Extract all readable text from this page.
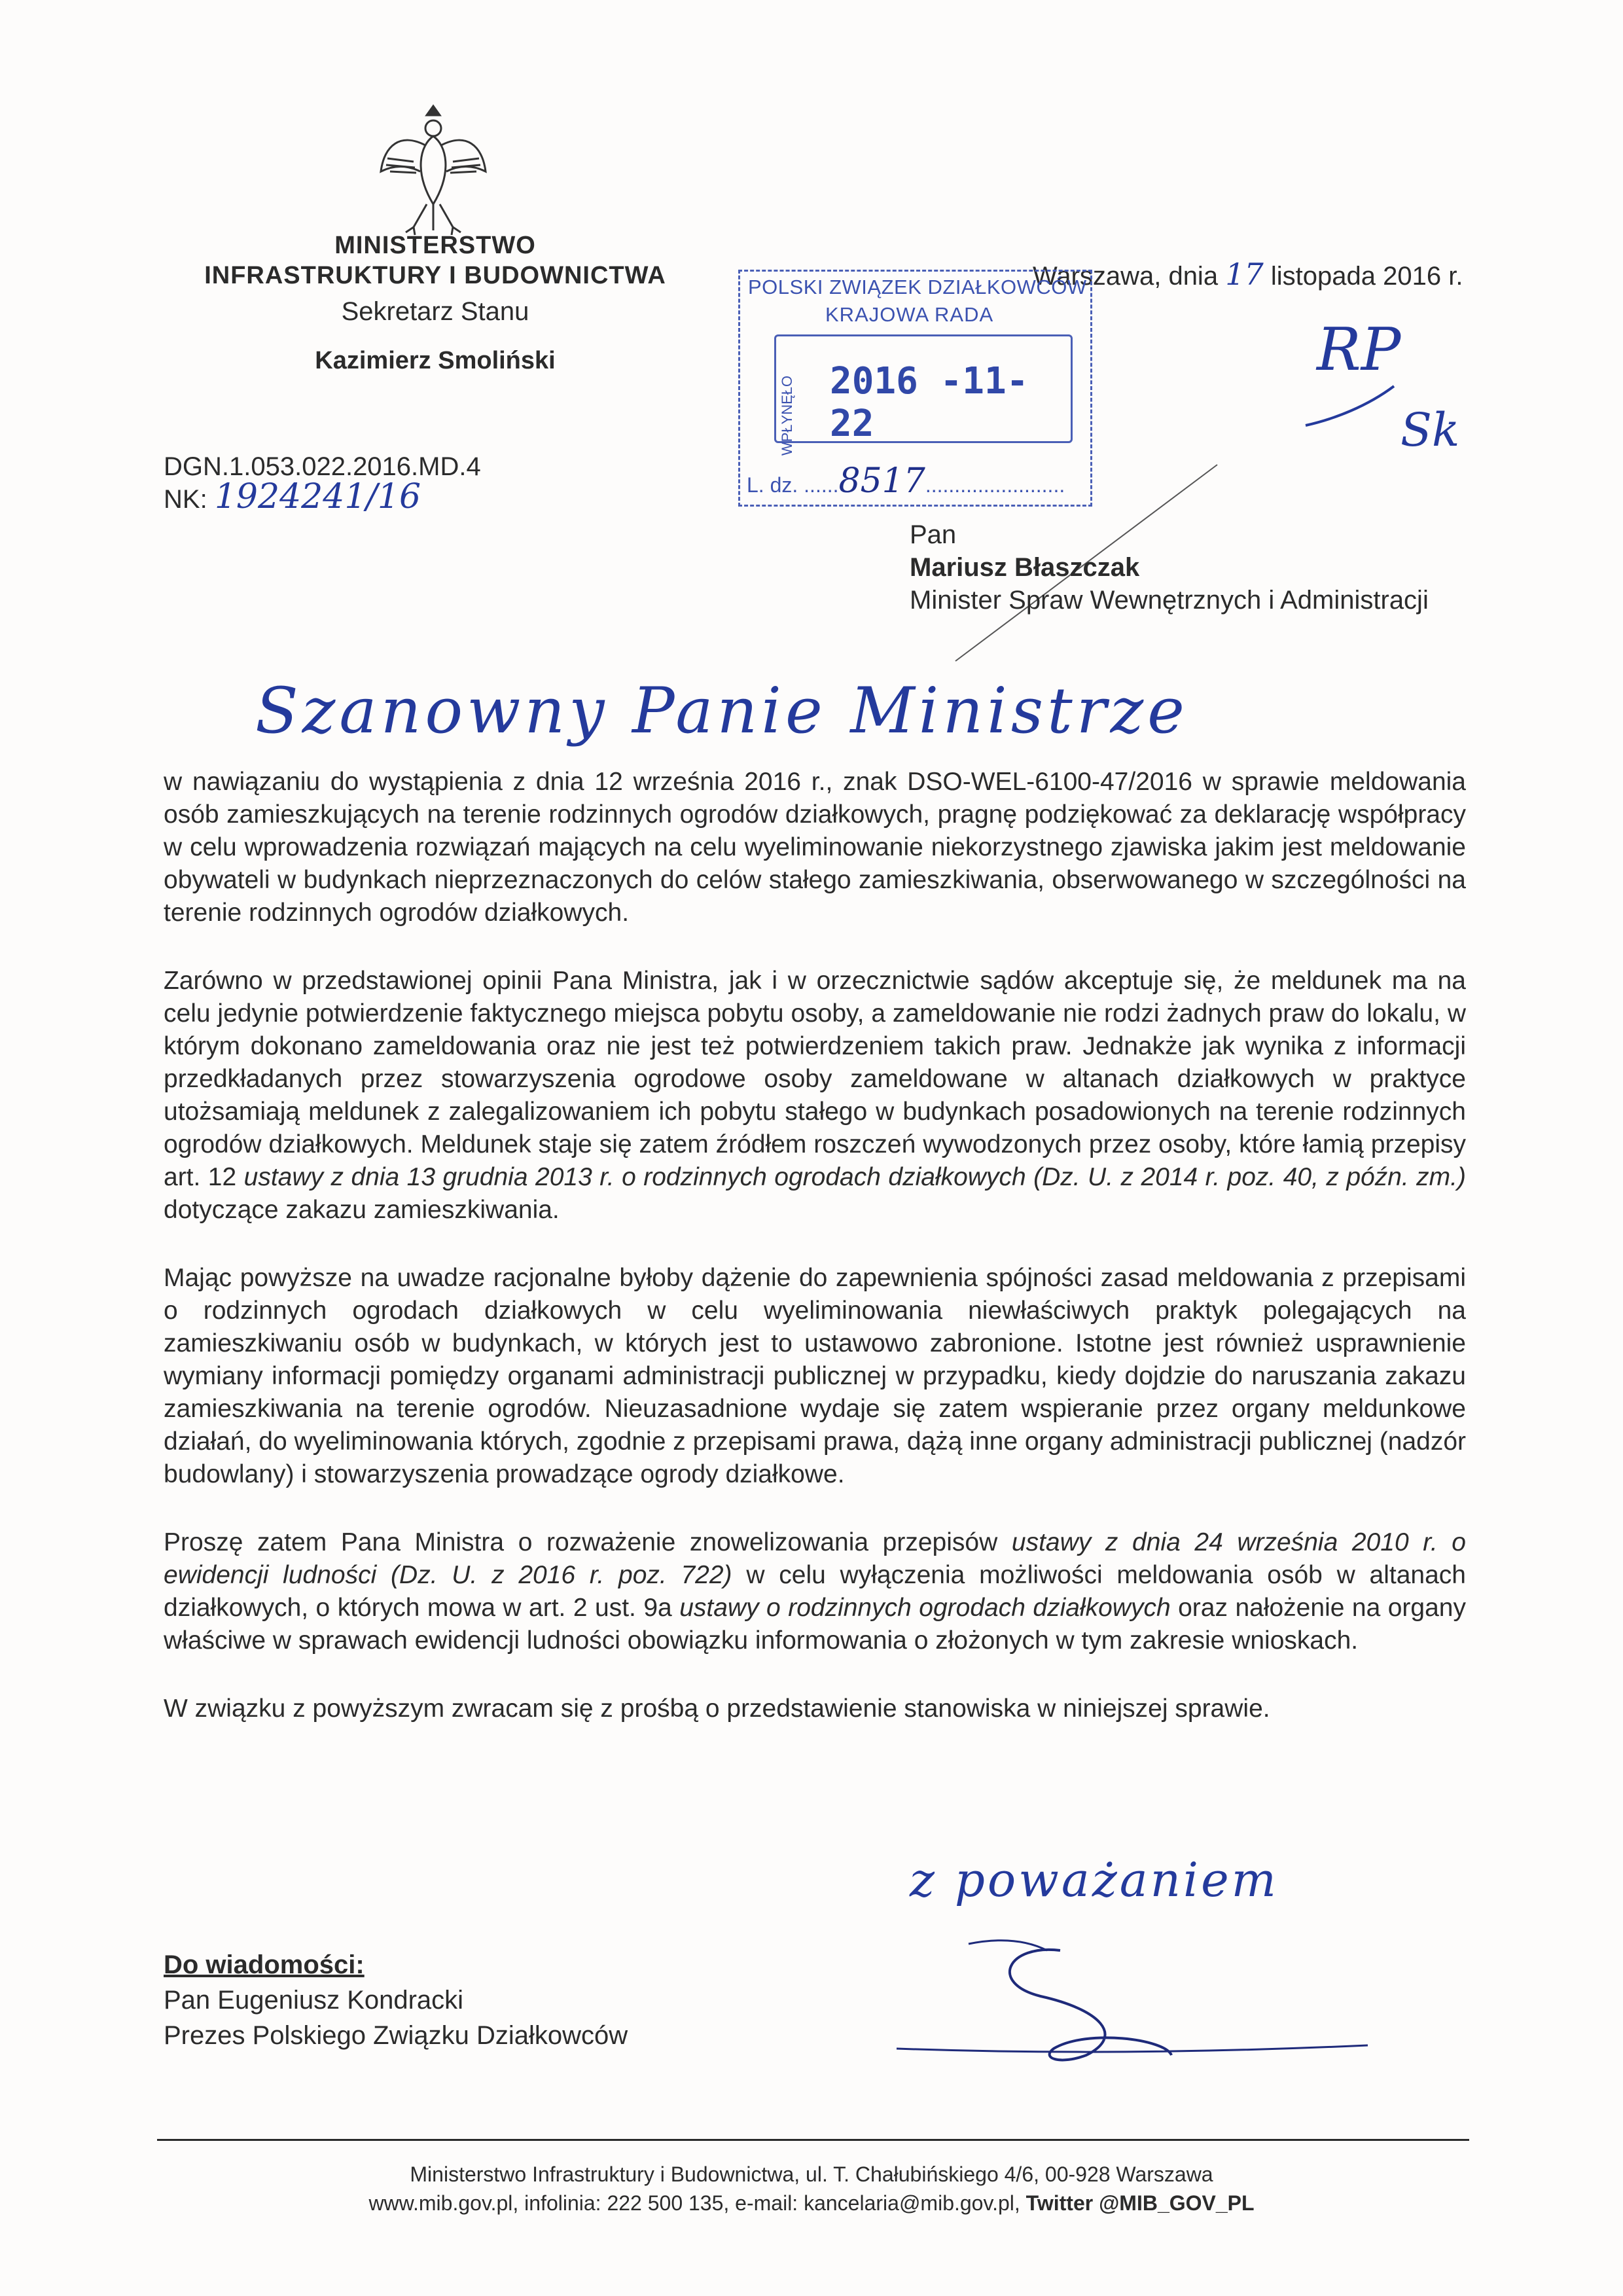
MINISTERSTWO
INFRASTRUKTURY I BUDOWNICTWA
Sekretarz Stanu
Kazimierz Smoliński
Warszawa, dnia 17 listopada 2016 r.
POLSKI ZWIĄZEK DZIAŁKOWCÓW
KRAJOWA RADA
WPŁYNĘŁO 2016 -11- 22
L. dz. ......8517........................
RP
Sk
DGN.1.053.022.2016.MD.4
NK: 1924241/16
Pan
Mariusz Błaszczak
Minister Spraw Wewnętrznych i Administracji
Szanowny Panie Ministrze

w nawiązaniu do wystąpienia z dnia 12 września 2016 r., znak DSO-WEL-6100-47/2016 w sprawie meldowania osób zamieszkujących na terenie rodzinnych ogrodów działkowych, pragnę podziękować za deklarację współpracy w celu wprowadzenia rozwiązań mających na celu wyeliminowanie niekorzystnego zjawiska jakim jest meldowanie obywateli w budynkach nieprzeznaczonych do celów stałego zamieszkiwania, obserwowanego w szczególności na terenie rodzinnych ogrodów działkowych.

Zarówno w przedstawionej opinii Pana Ministra, jak i w orzecznictwie sądów akceptuje się, że meldunek ma na celu jedynie potwierdzenie faktycznego miejsca pobytu osoby, a zameldowanie nie rodzi żadnych praw do lokalu, w którym dokonano zameldowania oraz nie jest też potwierdzeniem takich praw. Jednakże jak wynika z informacji przedkładanych przez stowarzyszenia ogrodowe osoby zameldowane w altanach działkowych w praktyce utożsamiają meldunek z zalegalizowaniem ich pobytu stałego w budynkach posadowionych na terenie rodzinnych ogrodów działkowych. Meldunek staje się zatem źródłem roszczeń wywodzonych przez osoby, które łamią przepisy art. 12 ustawy z dnia 13 grudnia 2013 r. o rodzinnych ogrodach działkowych (Dz. U. z 2014 r. poz. 40, z późn. zm.) dotyczące zakazu zamieszkiwania.

Mając powyższe na uwadze racjonalne byłoby dążenie do zapewnienia spójności zasad meldowania z przepisami o rodzinnych ogrodach działkowych w celu wyeliminowania niewłaściwych praktyk polegających na zamieszkiwaniu osób w budynkach, w których jest to ustawowo zabronione. Istotne jest również usprawnienie wymiany informacji pomiędzy organami administracji publicznej w przypadku, kiedy dojdzie do naruszania zakazu zamieszkiwania na terenie ogrodów. Nieuzasadnione wydaje się zatem wspieranie przez organy meldunkowe działań, do wyeliminowania których, zgodnie z przepisami prawa, dążą inne organy administracji publicznej (nadzór budowlany) i stowarzyszenia prowadzące ogrody działkowe.

Proszę zatem Pana Ministra o rozważenie znowelizowania przepisów ustawy z dnia 24 września 2010 r. o ewidencji ludności (Dz. U. z 2016 r. poz. 722) w celu wyłączenia możliwości meldowania osób w altanach działkowych, o których mowa w art. 2 ust. 9a ustawy o rodzinnych ogrodach działkowych oraz nałożenie na organy właściwe w sprawach ewidencji ludności obowiązku informowania o złożonych w tym zakresie wnioskach.

W związku z powyższym zwracam się z prośbą o przedstawienie stanowiska w niniejszej sprawie.

z poważaniem
Do wiadomości:
Pan Eugeniusz Kondracki
Prezes Polskiego Związku Działkowców
Ministerstwo Infrastruktury i Budownictwa, ul. T. Chałubińskiego 4/6, 00-928 Warszawa
www.mib.gov.pl, infolinia: 222 500 135, e-mail: kancelaria@mib.gov.pl, Twitter @MIB_GOV_PL
